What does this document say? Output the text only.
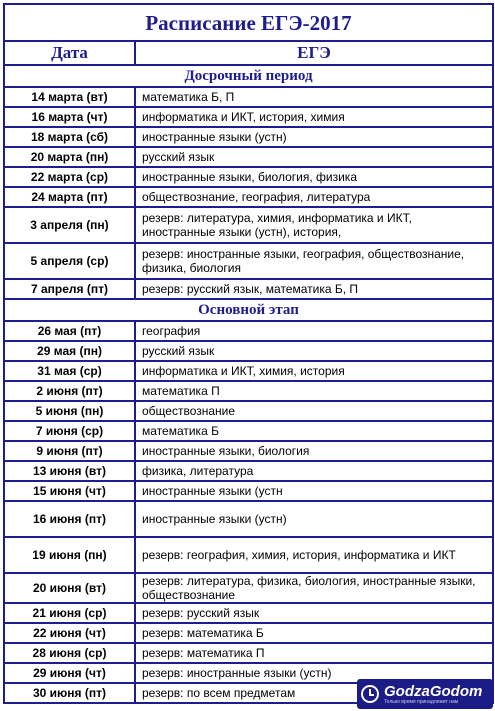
Расписание ЕГЭ-2017	
Дата	ЕГЭ
Досрочный период	
14 марта (вт)	математика Б, П
16 марта (чт)	информатика и ИКТ, история, химия
18 марта (сб)	иностранные языки (устн)
20 марта (пн)	русский язык
22 марта (ср)	иностранные языки, биология, физика
24 марта (пт)	обществознание, география, литература
3 апреля (пн)	резерв: литература, химия, информатика и ИКТ, иностранные языки (устн), история,
5 апреля (ср)	резерв: иностранные языки, география, обществознание, физика, биология
7 апреля (пт)	резерв: русский язык, математика Б, П
Основной этап	
26 мая (пт)	география
29 мая (пн)	русский язык
31 мая (ср)	информатика и ИКТ, химия, история
2 июня (пт)	математика П
5 июня (пн)	обществознание
7 июня (ср)	математика Б
9 июня (пт)	иностранные языки, биология
13 июня (вт)	физика, литература
15 июня (чт)	иностранные языки (устн
16 июня (пт)	иностранные языки (устн)
19 июня (пн)	резерв: география, химия, история, информатика и ИКТ
20 июня (вт)	резерв: литература, физика, биология, иностранные языки, обществознание
21 июня (ср)	резерв: русский язык
22 июня (чт)	резерв: математика Б
28 июня (ср)	резерв: математика П
29 июня (чт)	резерв: иностранные языки (устн)
30 июня (пт)	резерв: по всем предметам	GodzaGodom
Только время принадлежит нам
